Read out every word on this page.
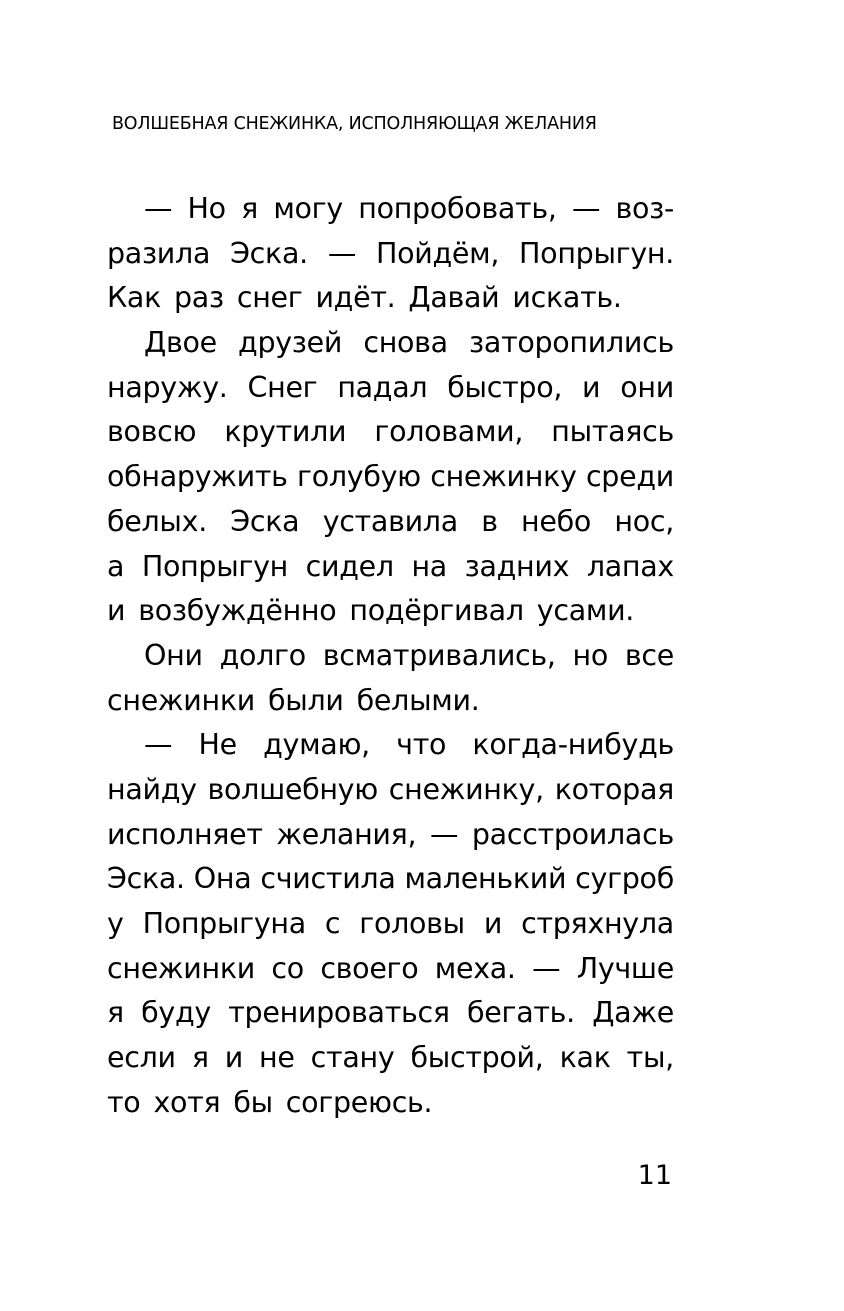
ВОЛШЕБНАЯ СНЕЖИНКА, ИСПОЛНЯЮЩАЯ ЖЕЛАНИЯ
— Но я могу попробовать, — воз-
разила Эска. — Пойдём, Попрыгун.
Как раз снег идёт. Давай искать.
Двое друзей снова заторопились
наружу. Снег падал быстро, и они
вовсю крутили головами, пытаясь
обнаружить голубую снежинку среди
белых. Эска уставила в небо нос,
а Попрыгун сидел на задних лапах
и возбуждённо подёргивал усами.
Они долго всматривались, но все
снежинки были белыми.
— Не думаю, что когда-нибудь
найду волшебную снежинку, которая
исполняет желания, — расстроилась
Эска. Она счистила маленький сугроб
у Попрыгуна с головы и стряхнула
снежинки со своего меха. — Лучше
я буду тренироваться бегать. Даже
если я и не стану быстрой, как ты,
то хотя бы согреюсь.
11
